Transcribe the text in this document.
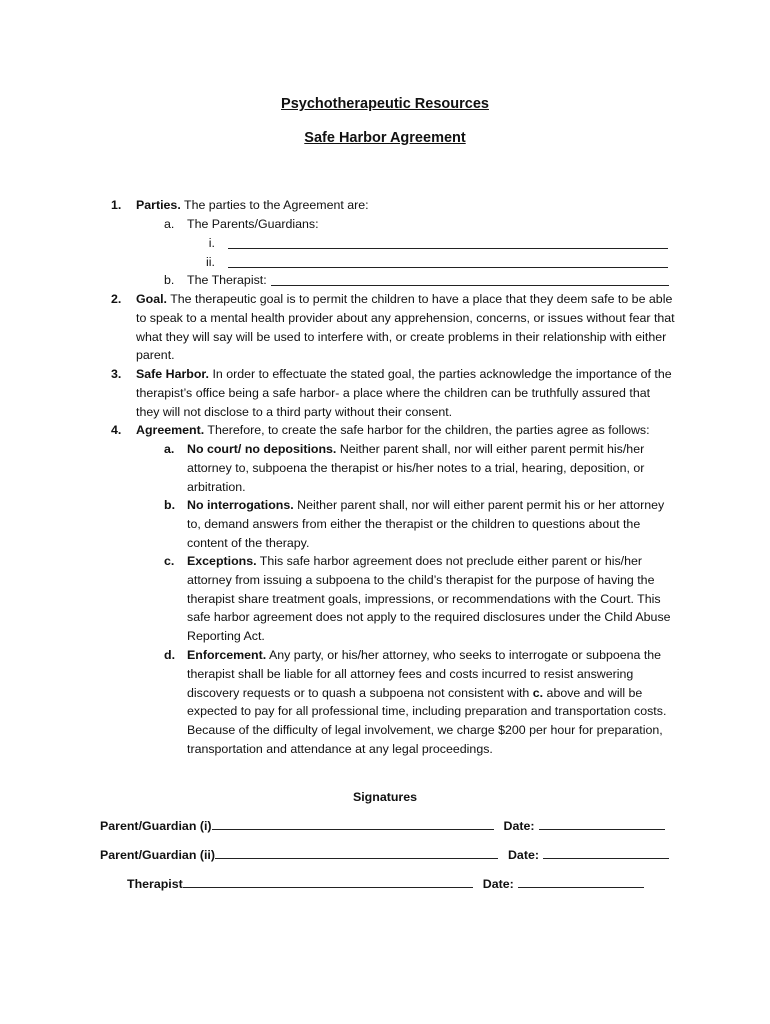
Psychotherapeutic Resources
Safe Harbor Agreement
1. Parties. The parties to the Agreement are:
a. The Parents/Guardians:
i.
ii.
b. The Therapist:
2. Goal. The therapeutic goal is to permit the children to have a place that they deem safe to be able to speak to a mental health provider about any apprehension, concerns, or issues without fear that what they will say will be used to interfere with, or create problems in their relationship with either parent.
3. Safe Harbor. In order to effectuate the stated goal, the parties acknowledge the importance of the therapist’s office being a safe harbor- a place where the children can be truthfully assured that they will not disclose to a third party without their consent.
4. Agreement. Therefore, to create the safe harbor for the children, the parties agree as follows:
a. No court/ no depositions. Neither parent shall, nor will either parent permit his/her attorney to, subpoena the therapist or his/her notes to a trial, hearing, deposition, or arbitration.
b. No interrogations. Neither parent shall, nor will either parent permit his or her attorney to, demand answers from either the therapist or the children to questions about the content of the therapy.
c. Exceptions. This safe harbor agreement does not preclude either parent or his/her attorney from issuing a subpoena to the child’s therapist for the purpose of having the therapist share treatment goals, impressions, or recommendations with the Court. This safe harbor agreement does not apply to the required disclosures under the Child Abuse Reporting Act.
d. Enforcement. Any party, or his/her attorney, who seeks to interrogate or subpoena the therapist shall be liable for all attorney fees and costs incurred to resist answering discovery requests or to quash a subpoena not consistent with c. above and will be expected to pay for all professional time, including preparation and transportation costs. Because of the difficulty of legal involvement, we charge $200 per hour for preparation, transportation and attendance at any legal proceedings.
Signatures
Parent/Guardian (i)	Date:
Parent/Guardian (ii)	Date:
Therapist	Date:
